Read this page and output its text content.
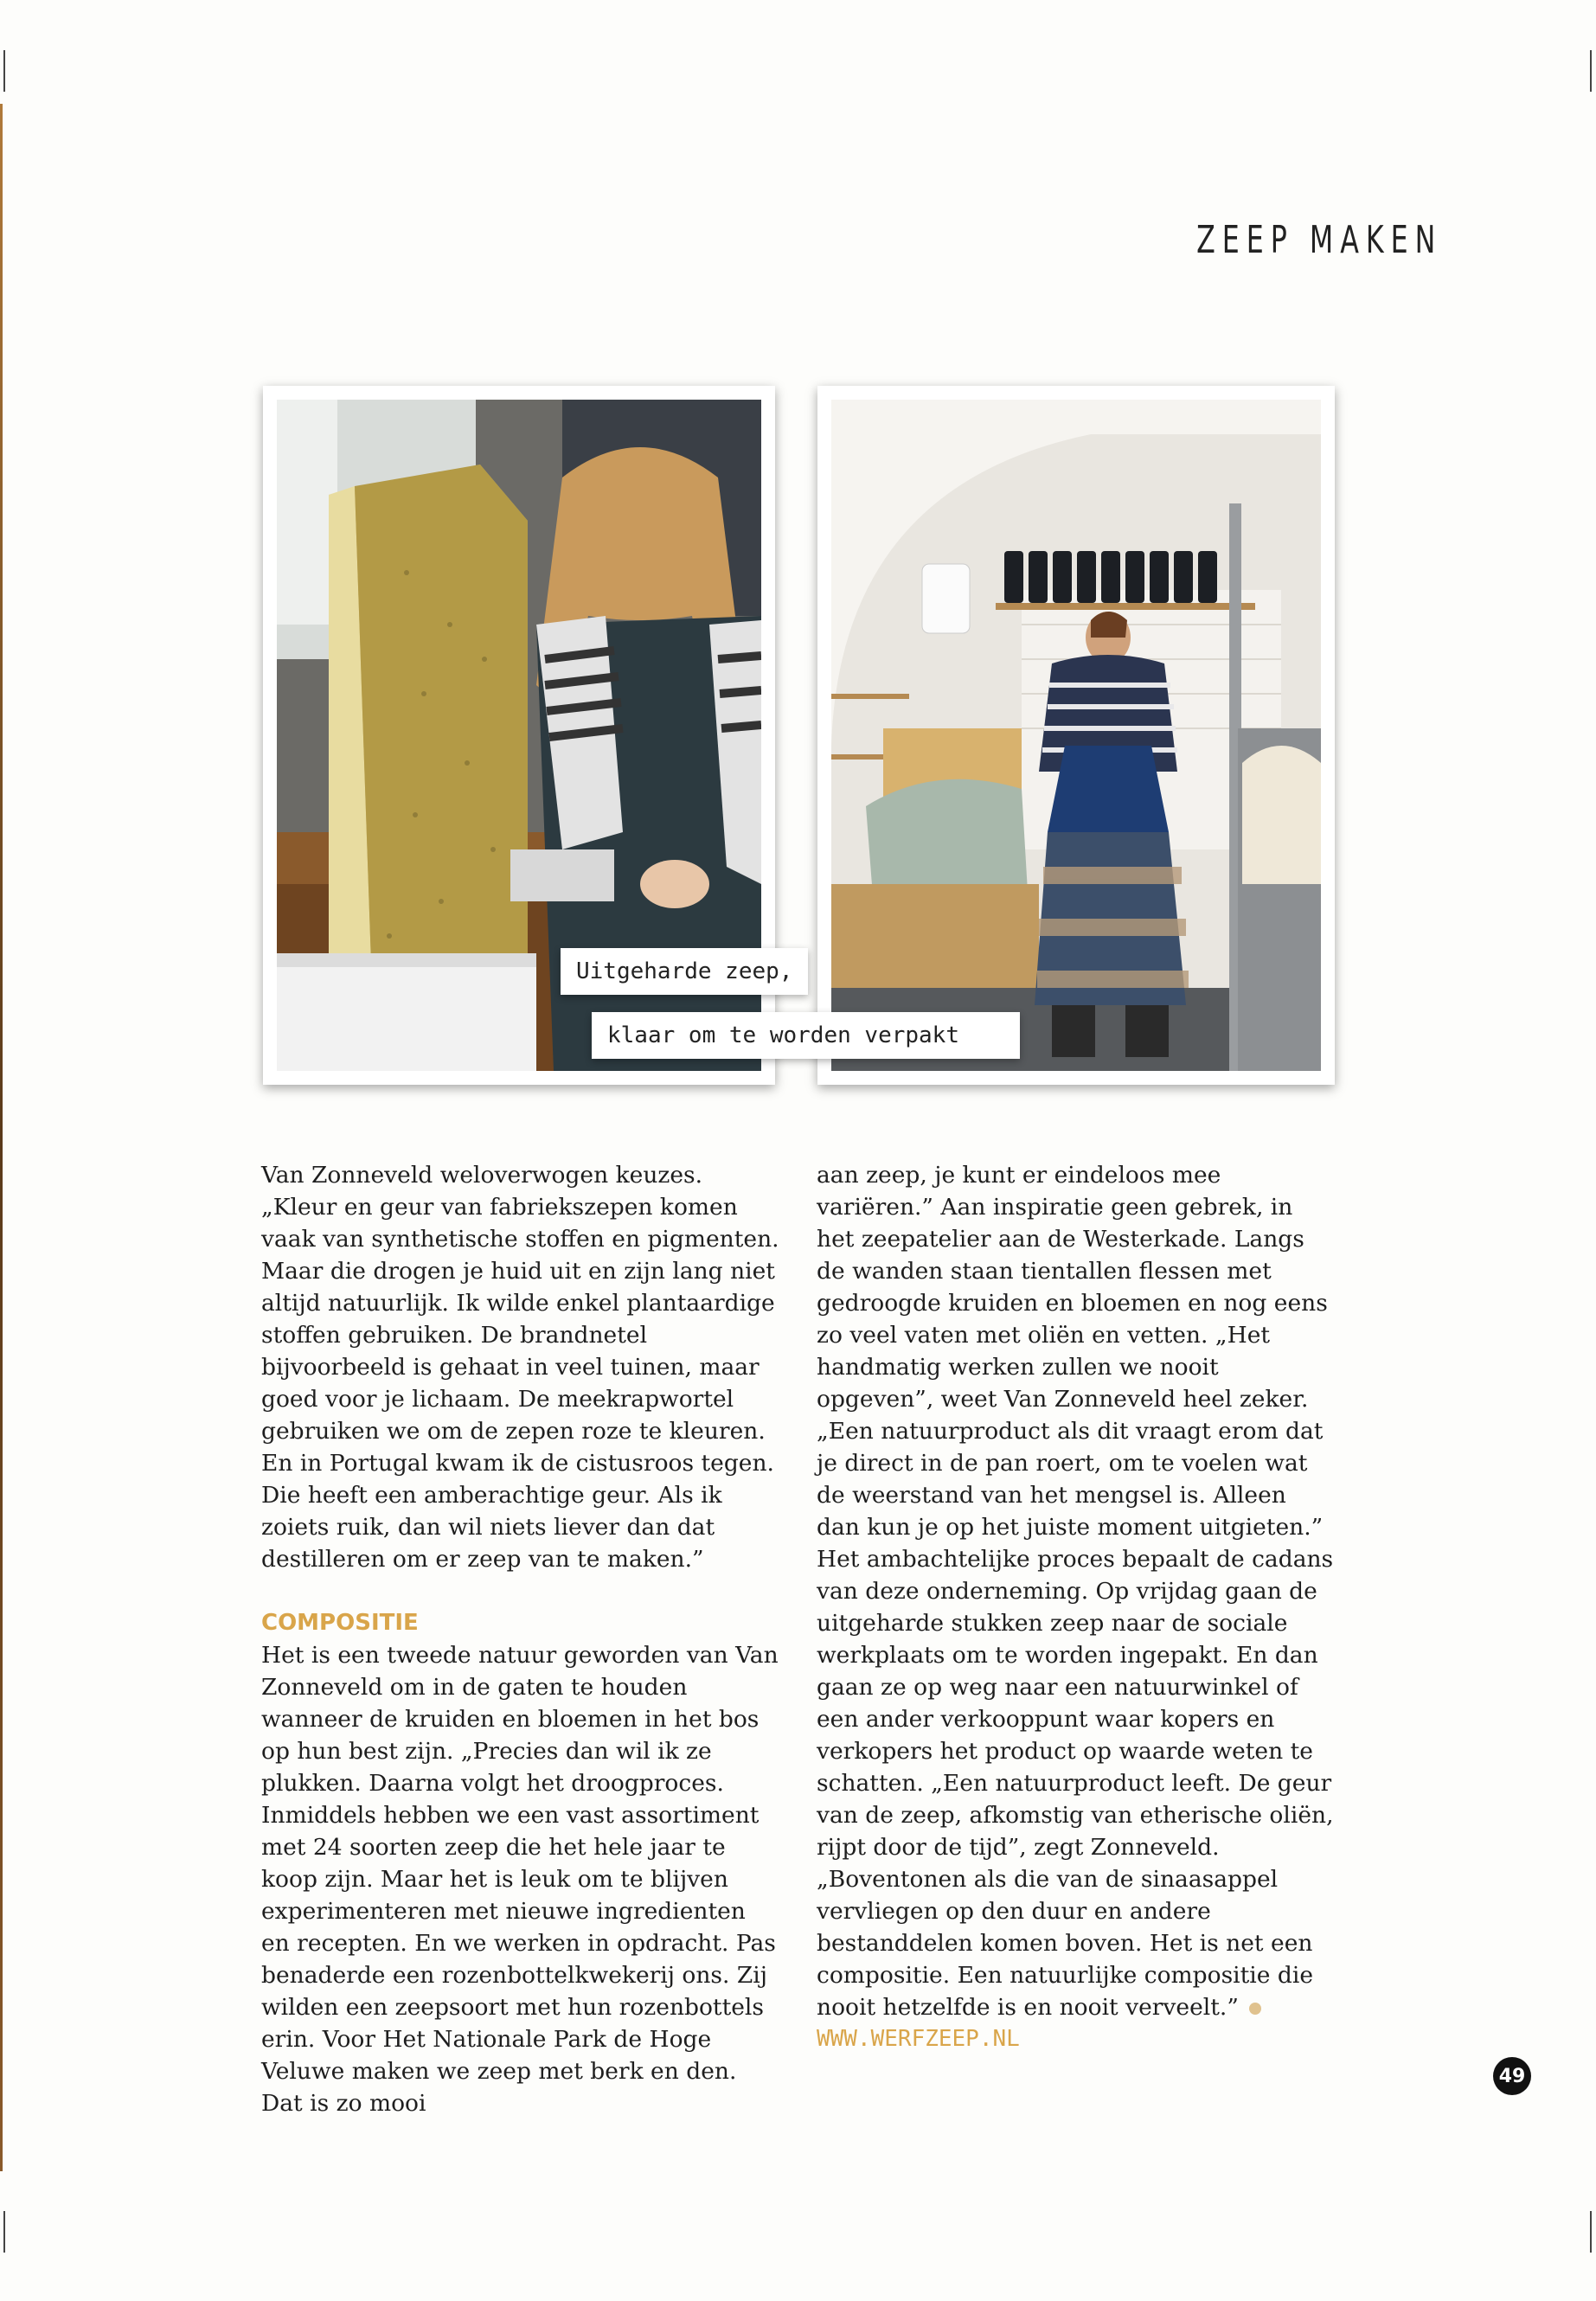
ZEEP MAKEN
Uitgeharde zeep,
klaar om te worden verpakt

Van Zonneveld weloverwogen keuzes. „Kleur en geur van fabriekszepen komen vaak van synthetische stoffen en pigmenten. Maar die drogen je huid uit en zijn lang niet altijd natuurlijk. Ik wilde enkel plantaardige stoffen gebruiken. De brandnetel bijvoorbeeld is gehaat in veel tuinen, maar goed voor je lichaam. De meekrapwortel gebruiken we om de zepen roze te kleuren. En in Portugal kwam ik de cistusroos tegen. Die heeft een amberachtige geur. Als ik zoiets ruik, dan wil niets liever dan dat destilleren om er zeep van te maken.”

COMPOSITIE

Het is een tweede natuur geworden van Van Zonneveld om in de gaten te houden wanneer de kruiden en bloemen in het bos op hun best zijn. „Precies dan wil ik ze plukken. Daarna volgt het droogproces. Inmiddels hebben we een vast assortiment met 24 soorten zeep die het hele jaar te koop zijn. Maar het is leuk om te blijven experimenteren met nieuwe ingredienten en recepten. En we werken in opdracht. Pas benaderde een rozenbottelkwekerij ons. Zij wilden een zeepsoort met hun rozenbottels erin. Voor Het Nationale Park de Hoge Veluwe maken we zeep met berk en den. Dat is zo mooi

aan zeep, je kunt er eindeloos mee variëren.” Aan inspiratie geen gebrek, in het zeepatelier aan de Westerkade. Langs de wanden staan tientallen flessen met gedroogde kruiden en bloemen en nog eens zo veel vaten met oliën en vetten. „Het handmatig werken zullen we nooit opgeven”, weet Van Zonneveld heel zeker. „Een natuurproduct als dit vraagt erom dat je direct in de pan roert, om te voelen wat de weerstand van het mengsel is. Alleen dan kun je op het juiste moment uitgieten.” Het ambachtelijke proces bepaalt de cadans van deze onderneming. Op vrijdag gaan de uitgeharde stukken zeep naar de sociale werkplaats om te worden ingepakt. En dan gaan ze op weg naar een natuurwinkel of een ander verkooppunt waar kopers en verkopers het product op waarde weten te schatten. „Een natuurproduct leeft. De geur van de zeep, afkomstig van etherische oliën, rijpt door de tijd”, zegt Zonneveld. „Boventonen als die van de sinaasappel vervliegen op den duur en andere bestanddelen komen boven. Het is net een compositie. Een natuurlijke compositie die nooit hetzelfde is en nooit verveelt.”

WWW.WERFZEEP.NL

49
